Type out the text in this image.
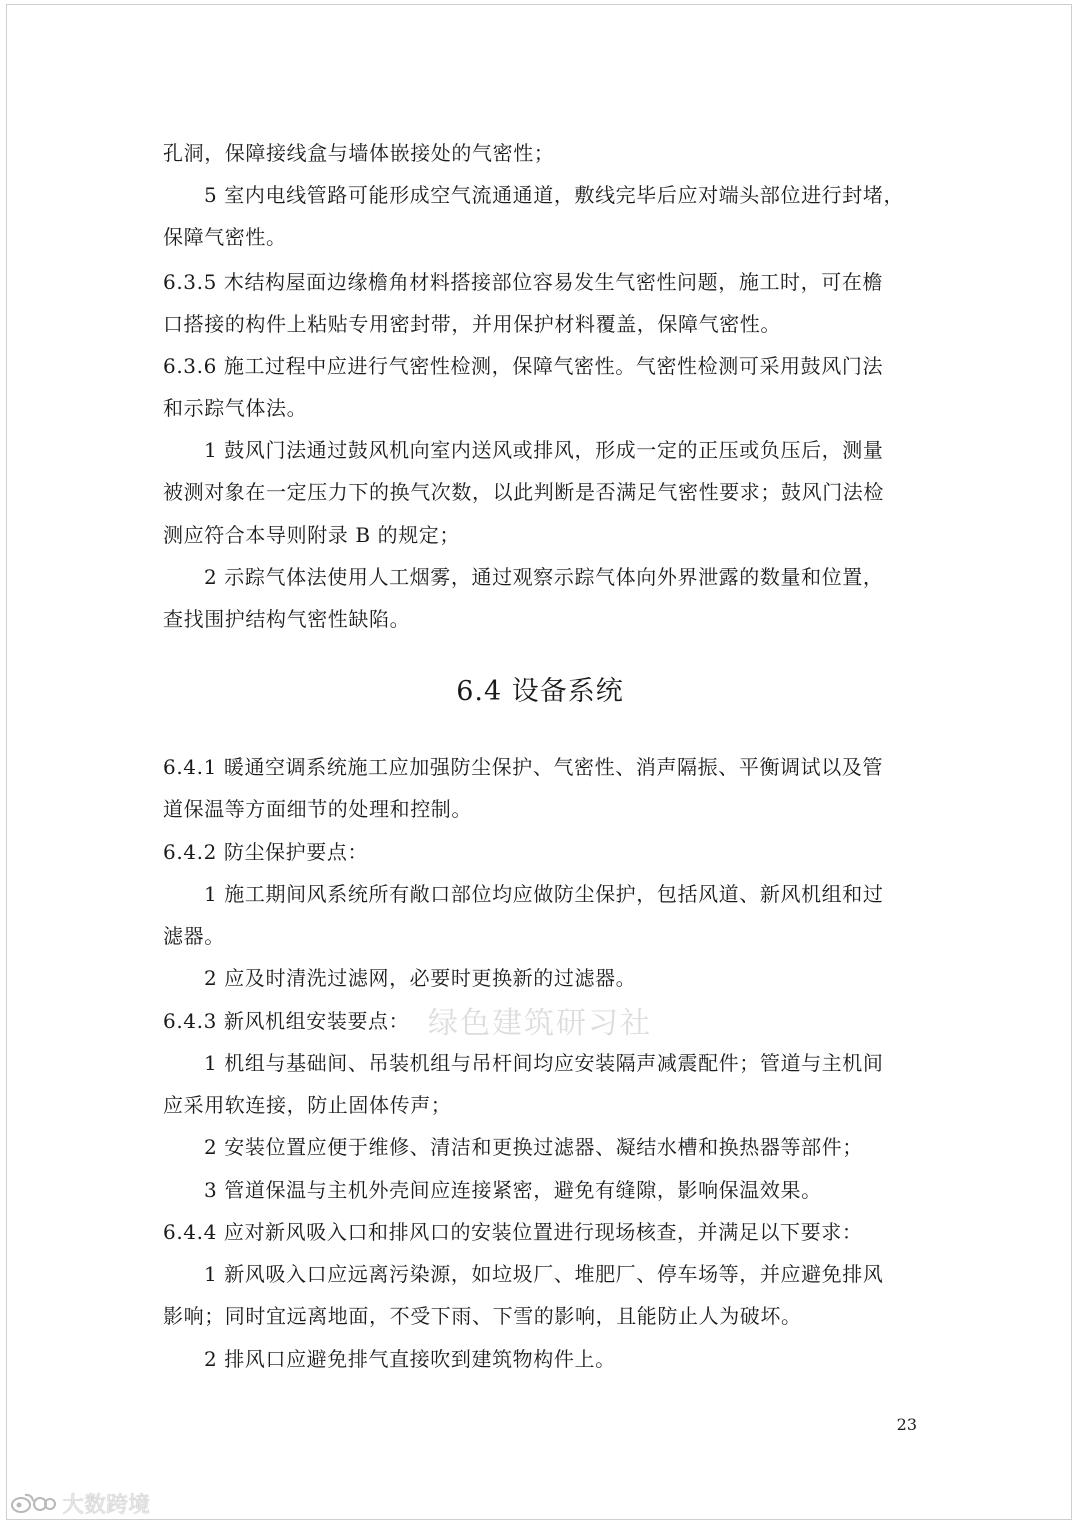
孔洞，保障接线盒与墙体嵌接处的气密性；
5 室内电线管路可能形成空气流通通道，敷线完毕后应对端头部位进行封堵，
保障气密性。
6.3.5 木结构屋面边缘檐角材料搭接部位容易发生气密性问题，施工时，可在檐
口搭接的构件上粘贴专用密封带，并用保护材料覆盖，保障气密性。
6.3.6 施工过程中应进行气密性检测，保障气密性。气密性检测可采用鼓风门法
和示踪气体法。
1 鼓风门法通过鼓风机向室内送风或排风，形成一定的正压或负压后，测量
被测对象在一定压力下的换气次数，以此判断是否满足气密性要求；鼓风门法检
测应符合本导则附录 B 的规定；
2 示踪气体法使用人工烟雾，通过观察示踪气体向外界泄露的数量和位置，
查找围护结构气密性缺陷。
6.4 设备系统
6.4.1 暖通空调系统施工应加强防尘保护、气密性、消声隔振、平衡调试以及管
道保温等方面细节的处理和控制。
6.4.2 防尘保护要点：
1 施工期间风系统所有敞口部位均应做防尘保护，包括风道、新风机组和过
滤器。
2 应及时清洗过滤网，必要时更换新的过滤器。
6.4.3 新风机组安装要点：
1 机组与基础间、吊装机组与吊杆间均应安装隔声减震配件；管道与主机间
应采用软连接，防止固体传声；
2 安装位置应便于维修、清洁和更换过滤器、凝结水槽和换热器等部件；
3 管道保温与主机外壳间应连接紧密，避免有缝隙，影响保温效果。
6.4.4 应对新风吸入口和排风口的安装位置进行现场核查，并满足以下要求：
1 新风吸入口应远离污染源，如垃圾厂、堆肥厂、停车场等，并应避免排风
影响；同时宜远离地面，不受下雨、下雪的影响，且能防止人为破坏。
2 排风口应避免排气直接吹到建筑物构件上。
绿色建筑研习社
23
大数跨境
